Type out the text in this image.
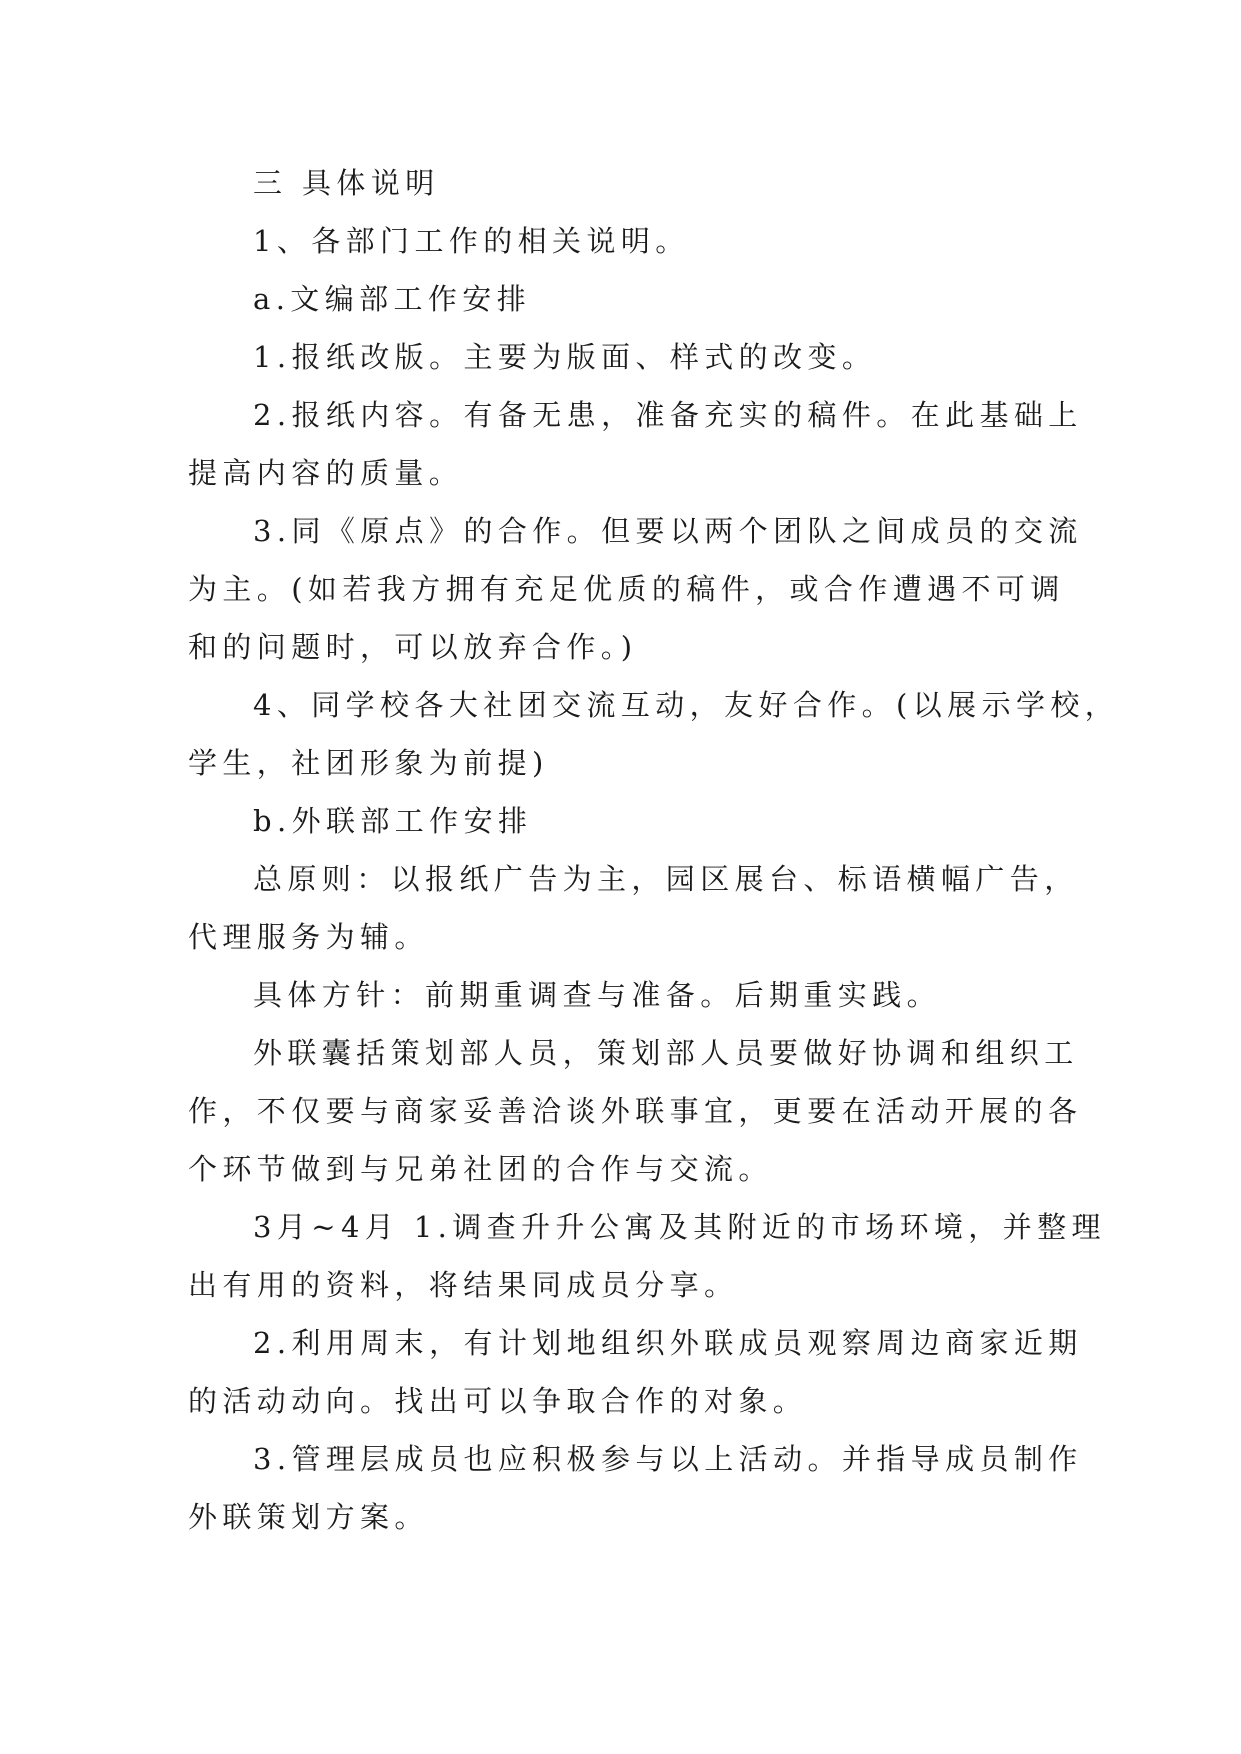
三 具体说明
1、各部门工作的相关说明。
a.文编部工作安排
1.报纸改版。主要为版面、样式的改变。
2.报纸内容。有备无患，准备充实的稿件。在此基础上
提高内容的质量。
3.同《原点》的合作。但要以两个团队之间成员的交流
为主。(如若我方拥有充足优质的稿件，或合作遭遇不可调
和的问题时，可以放弃合作。)
4、同学校各大社团交流互动，友好合作。(以展示学校，
学生，社团形象为前提)
b.外联部工作安排
总原则：以报纸广告为主，园区展台、标语横幅广告，
代理服务为辅。
具体方针：前期重调查与准备。后期重实践。
外联囊括策划部人员，策划部人员要做好协调和组织工
作，不仅要与商家妥善洽谈外联事宜，更要在活动开展的各
个环节做到与兄弟社团的合作与交流。
3月~4月 1.调查升升公寓及其附近的市场环境，并整理
出有用的资料，将结果同成员分享。
2.利用周末，有计划地组织外联成员观察周边商家近期
的活动动向。找出可以争取合作的对象。
3.管理层成员也应积极参与以上活动。并指导成员制作
外联策划方案。
